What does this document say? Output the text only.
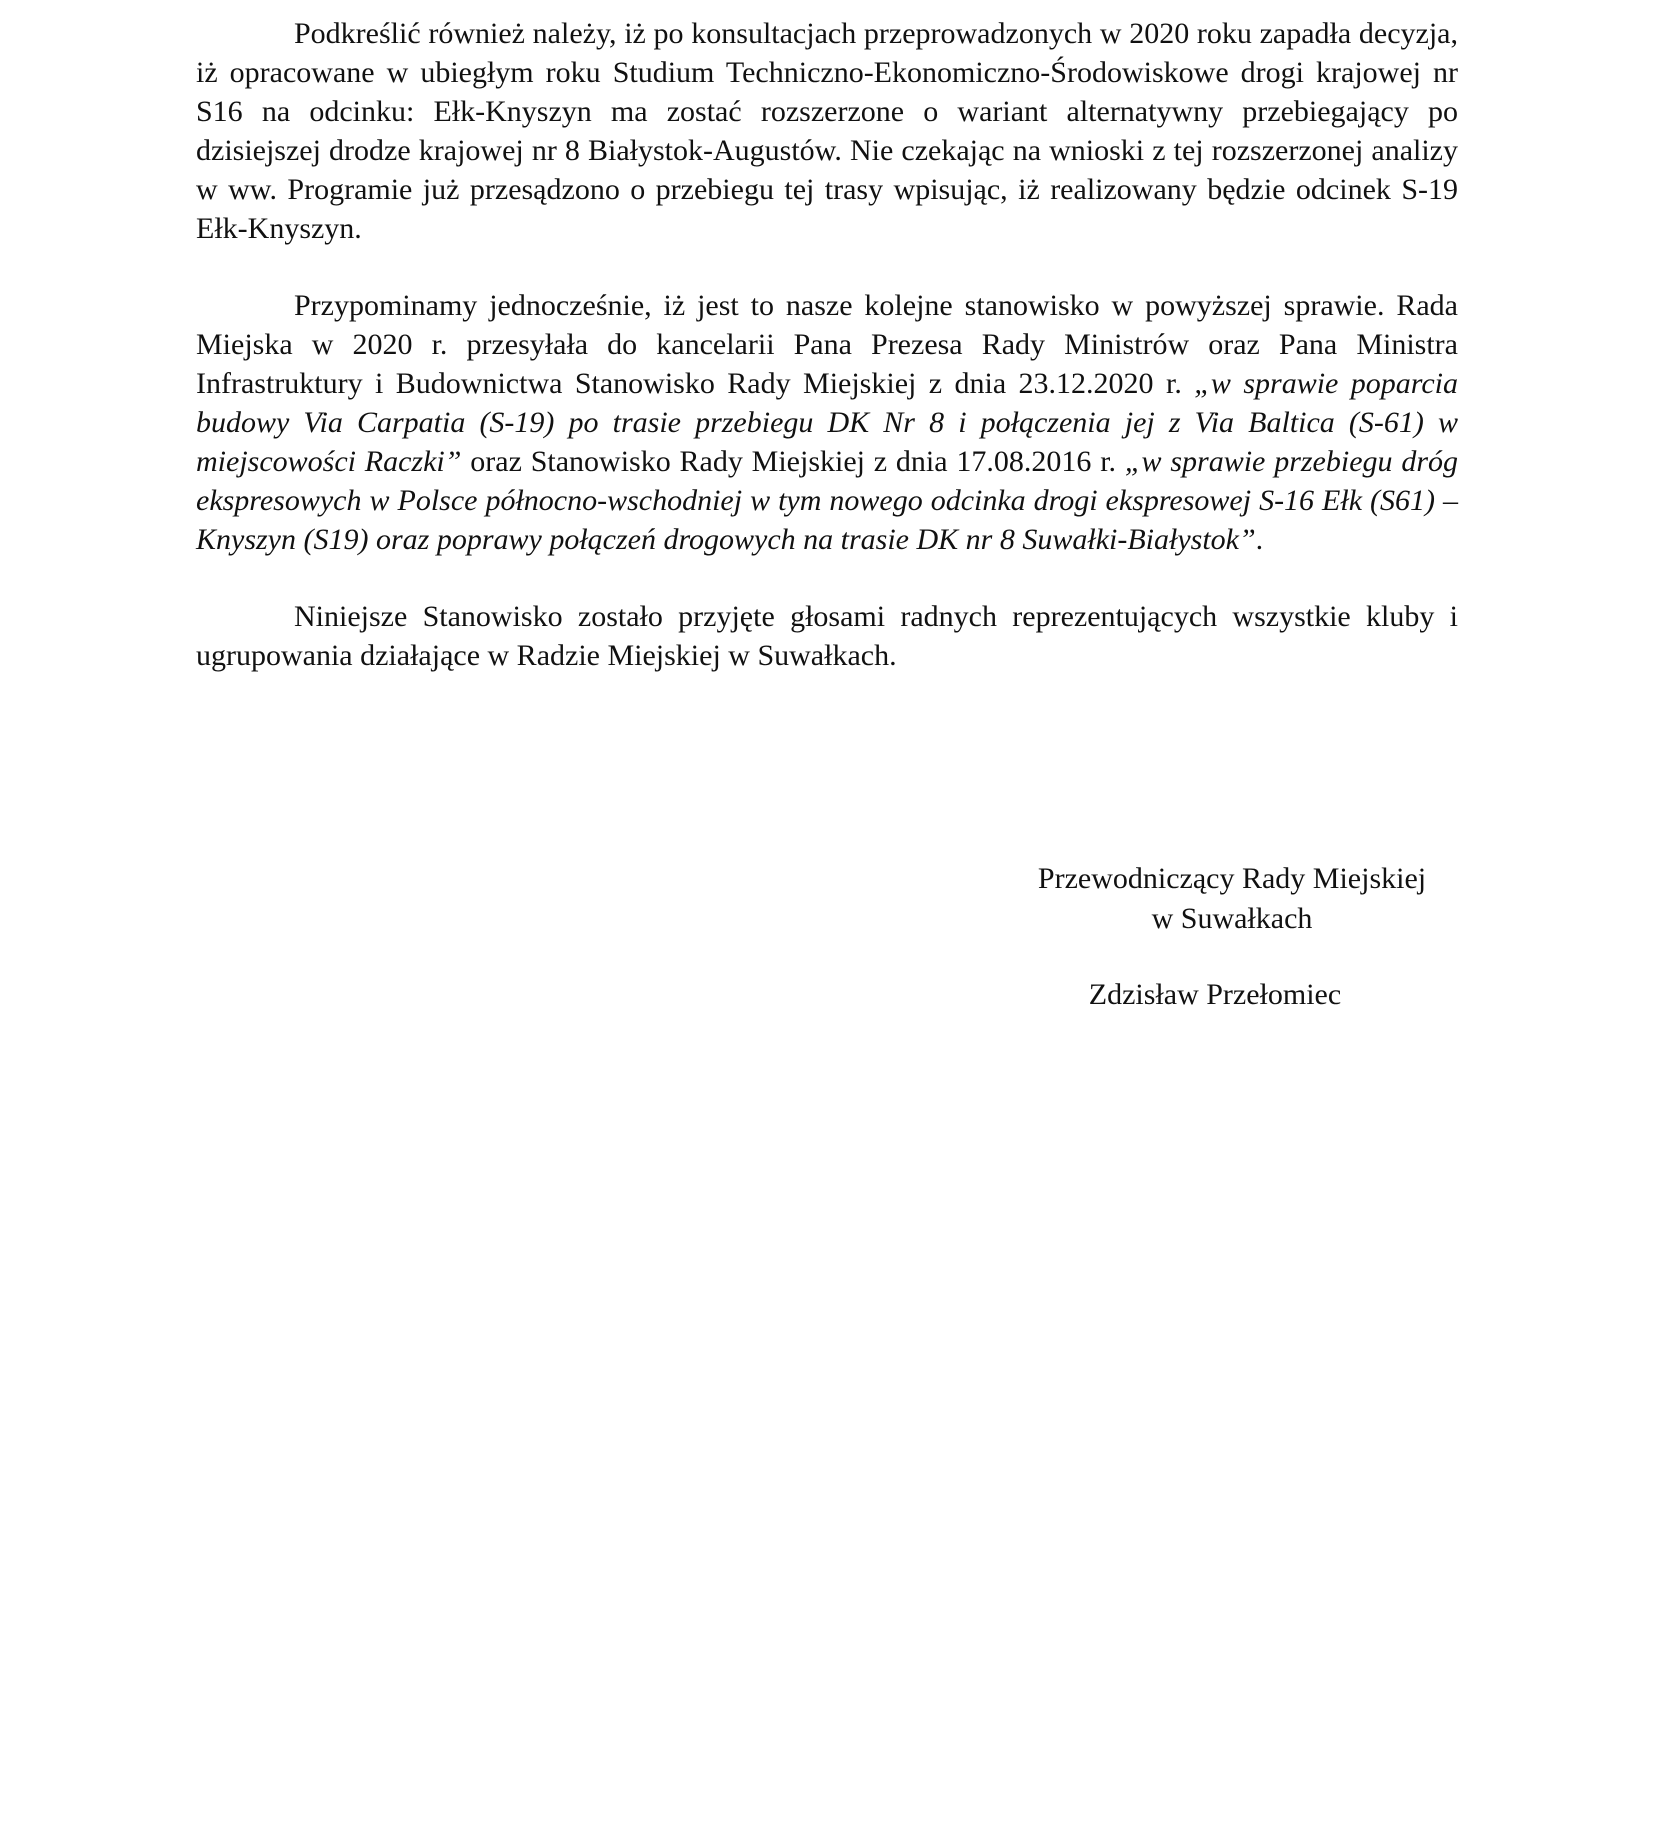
Podkreślić również należy, iż po konsultacjach przeprowadzonych w 2020 roku zapadła decyzja, iż opracowane w ubiegłym roku Studium Techniczno-Ekonomiczno-Środowiskowe drogi krajowej nr S16 na odcinku: Ełk-Knyszyn ma zostać rozszerzone o wariant alternatywny przebiegający po dzisiejszej drodze krajowej nr 8 Białystok-Augustów. Nie czekając na wnioski z tej rozszerzonej analizy w ww. Programie już przesądzono o przebiegu tej trasy wpisując, iż realizowany będzie odcinek S-19 Ełk-Knyszyn.

Przypominamy jednocześnie, iż jest to nasze kolejne stanowisko w powyższej sprawie. Rada Miejska w 2020 r. przesyłała do kancelarii Pana Prezesa Rady Ministrów oraz Pana Ministra Infrastruktury i Budownictwa Stanowisko Rady Miejskiej z dnia 23.12.2020 r. „w sprawie poparcia budowy Via Carpatia (S-19) po trasie przebiegu DK Nr 8 i połączenia jej z Via Baltica (S-61) w miejscowości Raczki” oraz Stanowisko Rady Miejskiej z dnia 17.08.2016 r. „w sprawie przebiegu dróg ekspresowych w Polsce północno-wschodniej w tym nowego odcinka drogi ekspresowej S-16 Ełk (S61) – Knyszyn (S19) oraz poprawy połączeń drogowych na trasie DK nr 8 Suwałki-Białystok”.

Niniejsze Stanowisko zostało przyjęte głosami radnych reprezentujących wszystkie kluby i ugrupowania działające w Radzie Miejskiej w Suwałkach.

Przewodniczący Rady Miejskiej
w Suwałkach
Zdzisław Przełomiec
